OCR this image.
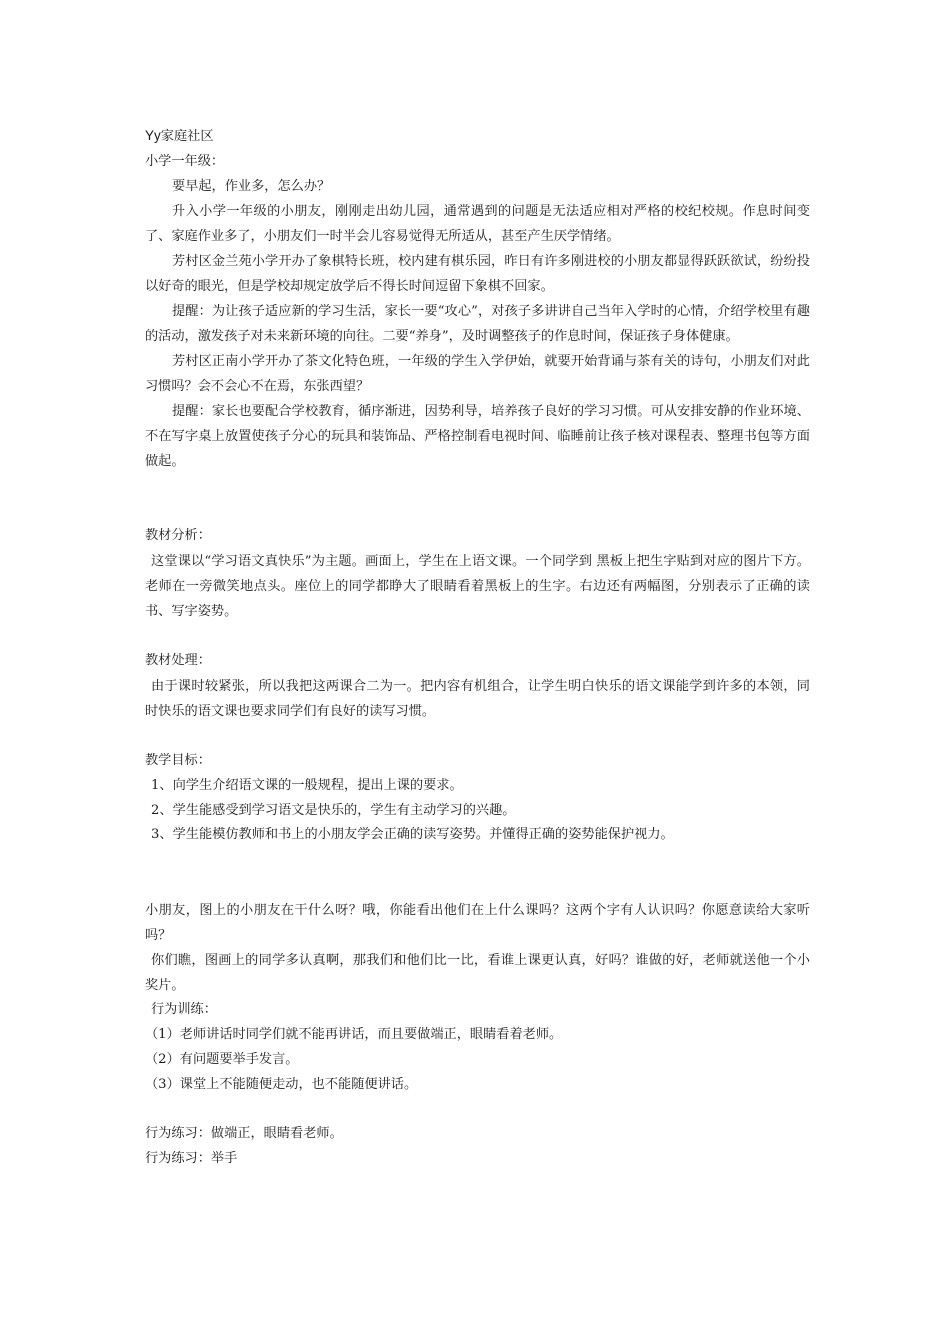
Yy家庭社区
小学一年级：
要早起，作业多，怎么办？
升入小学一年级的小朋友，刚刚走出幼儿园，通常遇到的问题是无法适应相对严格的校纪校规。作息时间变了、家庭作业多了，小朋友们一时半会儿容易觉得无所适从，甚至产生厌学情绪。
芳村区金兰苑小学开办了象棋特长班，校内建有棋乐园，昨日有许多刚进校的小朋友都显得跃跃欲试，纷纷投以好奇的眼光，但是学校却规定放学后不得长时间逗留下象棋不回家。
提醒：为让孩子适应新的学习生活，家长一要“攻心”，对孩子多讲讲自己当年入学时的心情，介绍学校里有趣的活动，激发孩子对未来新环境的向往。二要“养身”，及时调整孩子的作息时间，保证孩子身体健康。
芳村区正南小学开办了茶文化特色班，一年级的学生入学伊始，就要开始背诵与茶有关的诗句，小朋友们对此习惯吗？会不会心不在焉，东张西望？
提醒：家长也要配合学校教育，循序渐进，因势利导，培养孩子良好的学习习惯。可从安排安静的作业环境、不在写字桌上放置使孩子分心的玩具和装饰品、严格控制看电视时间、临睡前让孩子核对课程表、整理书包等方面做起。
教材分析：
这堂课以“学习语文真快乐”为主题。画面上，学生在上语文课。一个同学到 黑板上把生字贴到对应的图片下方。老师在一旁微笑地点头。座位上的同学都睁大了眼睛看着黑板上的生字。右边还有两幅图，分别表示了正确的读书、写字姿势。
教材处理：
由于课时较紧张，所以我把这两课合二为一。把内容有机组合，让学生明白快乐的语文课能学到许多的本领，同时快乐的语文课也要求同学们有良好的读写习惯。
教学目标：
1、向学生介绍语文课的一般规程，提出上课的要求。
2、学生能感受到学习语文是快乐的，学生有主动学习的兴趣。
3、学生能模仿教师和书上的小朋友学会正确的读写姿势。并懂得正确的姿势能保护视力。
小朋友，图上的小朋友在干什么呀？哦，你能看出他们在上什么课吗？这两个字有人认识吗？你愿意读给大家听吗？
你们瞧，图画上的同学多认真啊，那我们和他们比一比，看谁上课更认真，好吗？谁做的好，老师就送他一个小奖片。
行为训练：
（1）老师讲话时同学们就不能再讲话，而且要做端正，眼睛看着老师。
（2）有问题要举手发言。
（3）课堂上不能随便走动，也不能随便讲话。
行为练习：做端正，眼睛看老师。
行为练习：举手
